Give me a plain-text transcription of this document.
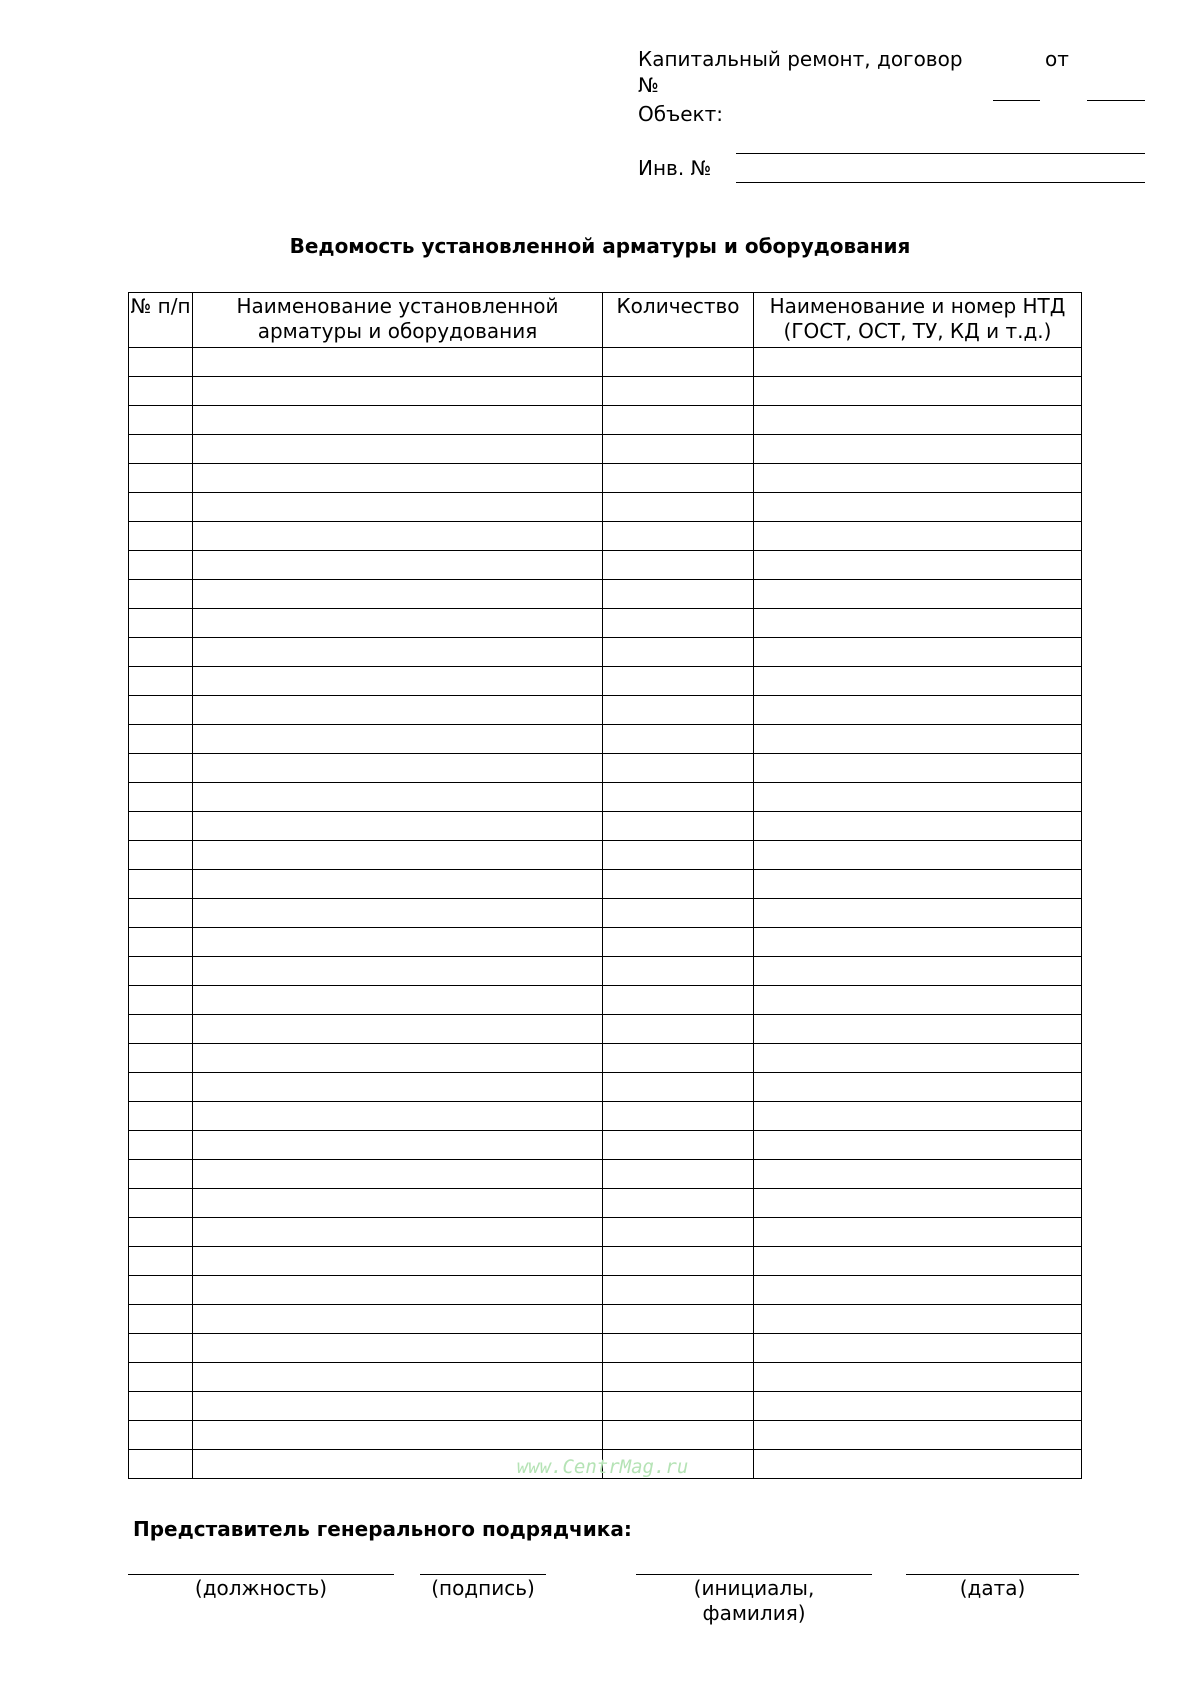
Капитальный ремонт, договор	от
№
Объект:
Инв. №
Ведомость установленной арматуры и оборудования
№ п/п	Наименование установленной арматуры и оборудования	Количество	Наименование и номер НТД (ГОСТ, ОСТ, ТУ, КД и т.д.)

www.CentrMag.ru
Представитель генерального подрядчика:
(должность)	(подпись)	(инициалы, фамилия)
(дата)
